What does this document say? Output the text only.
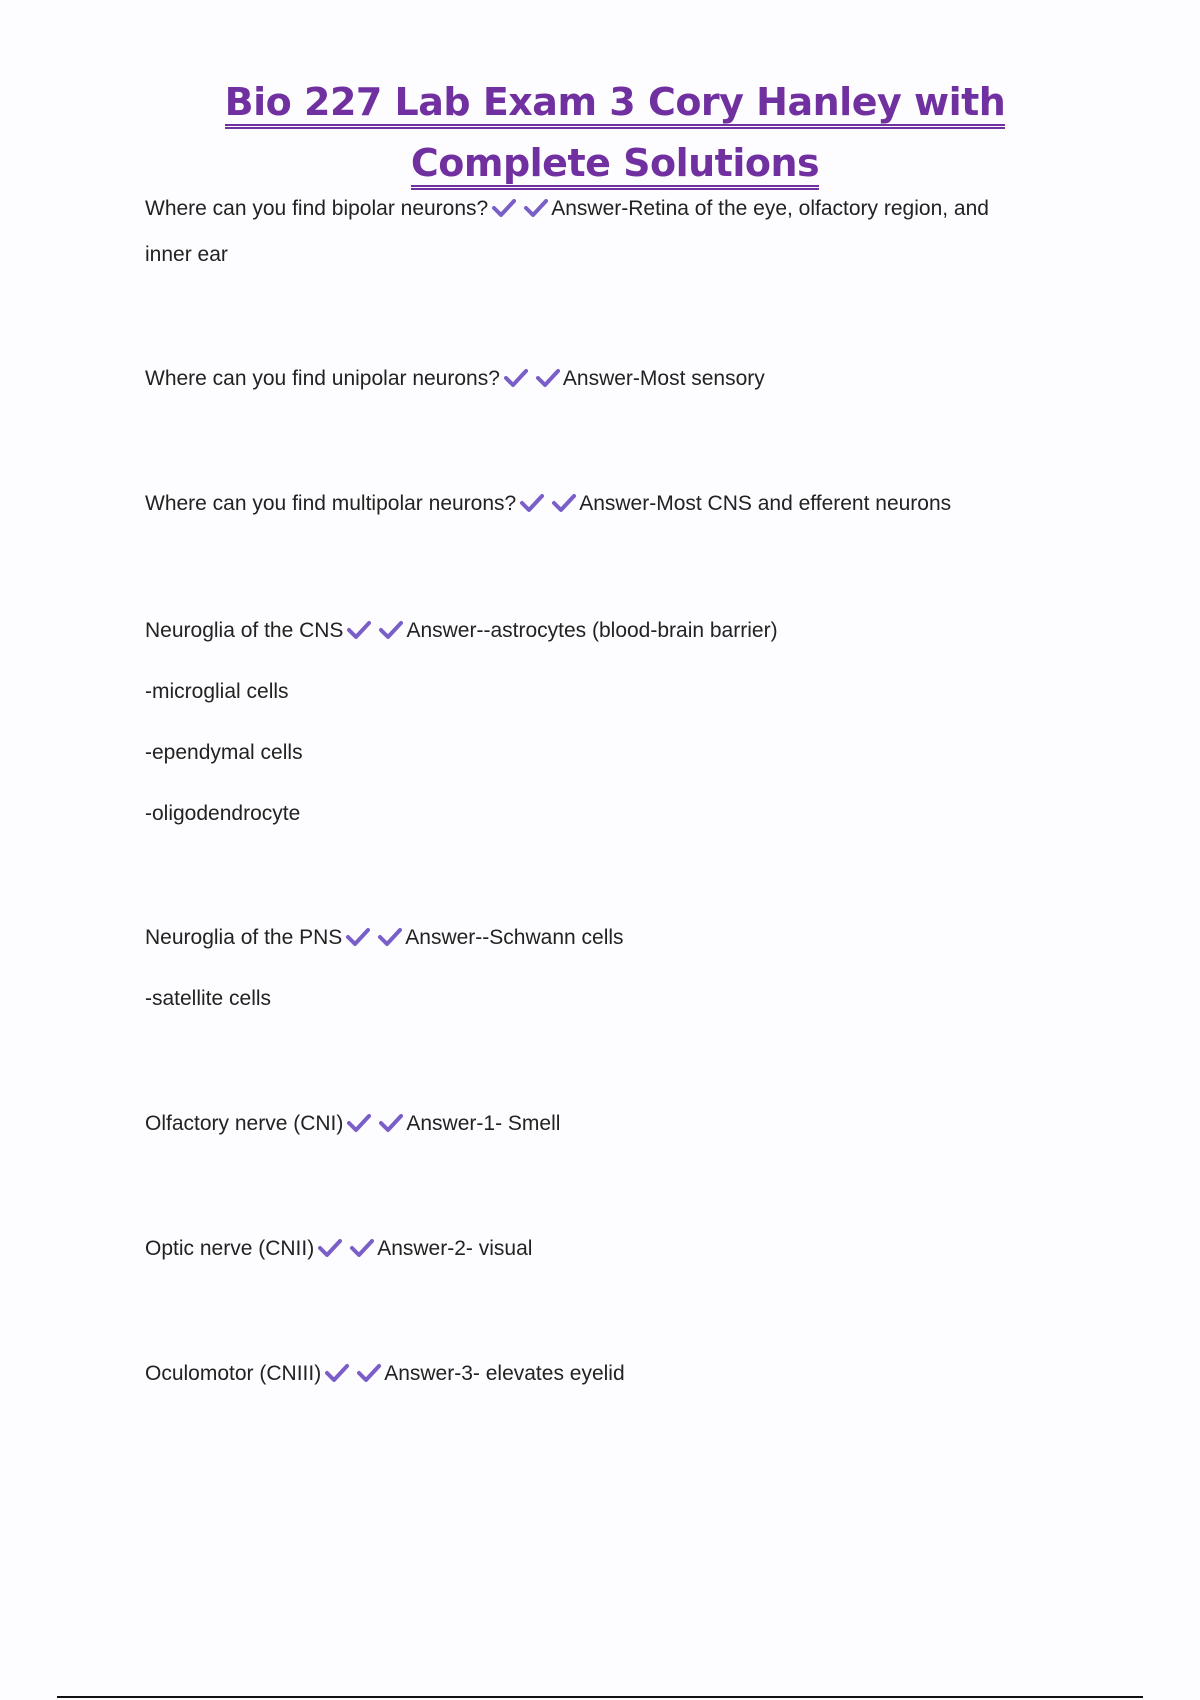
Bio 227 Lab Exam 3 Cory Hanley with
Complete Solutions
Where can you find bipolar neurons?	Answer-Retina of the eye, olfactory region, and
inner ear
Where can you find unipolar neurons?	Answer-Most sensory
Where can you find multipolar neurons?	Answer-Most CNS and efferent neurons
Neuroglia of the CNS	Answer--astrocytes (blood-brain barrier)
-microglial cells
-ependymal cells
-oligodendrocyte
Neuroglia of the PNS	Answer--Schwann cells
-satellite cells
Olfactory nerve (CNI)	Answer-1- Smell
Optic nerve (CNII)	Answer-2- visual
Oculomotor (CNIII)	Answer-3- elevates eyelid
